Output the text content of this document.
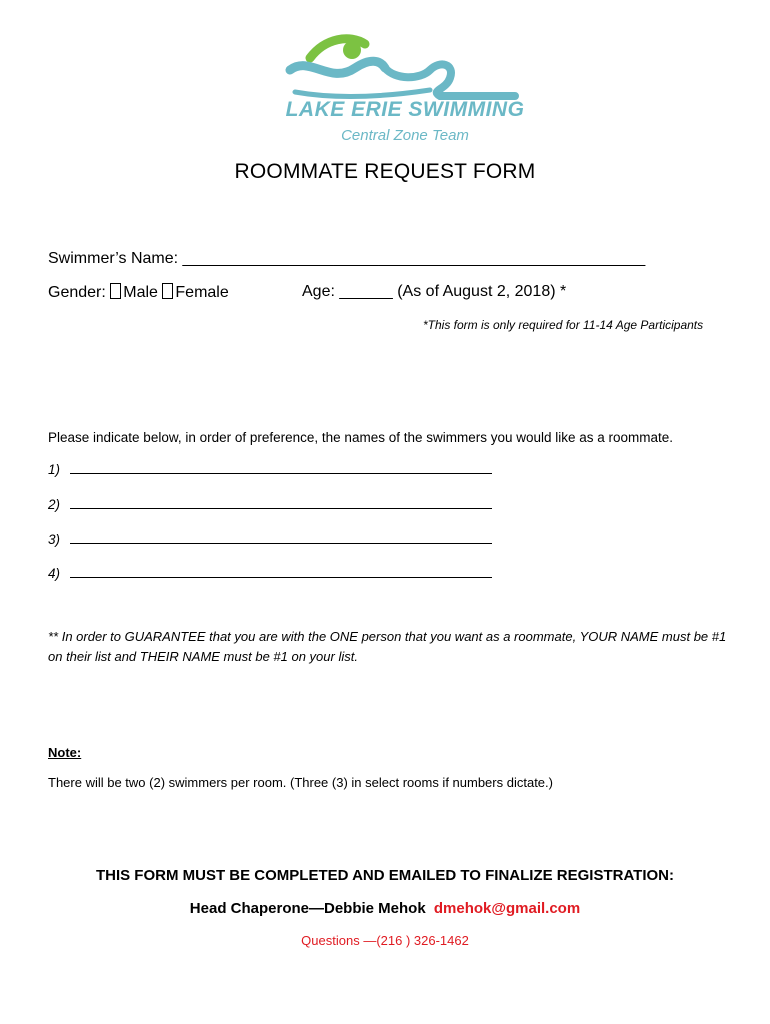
LAKE ERIE SWIMMING
Central Zone Team
ROOMMATE REQUEST FORM
Swimmer’s Name: ____________________________________________________
Gender: Male Female	Age: ______ (As of August 2, 2018) *
*This form is only required for 11-14 Age Participants
Please indicate below, in order of preference, the names of the swimmers you would like as a roommate.
1)
2)
3)
4)
** In order to GUARANTEE that you are with the ONE person that you want as a roommate, YOUR NAME must be #1 on their list and THEIR NAME must be #1 on your list.
Note:
There will be two (2) swimmers per room. (Three (3) in select rooms if numbers dictate.)
THIS FORM MUST BE COMPLETED AND EMAILED TO FINALIZE REGISTRATION:
Head Chaperone—Debbie Mehok dmehok@gmail.com
Questions —(216 ) 326-1462
